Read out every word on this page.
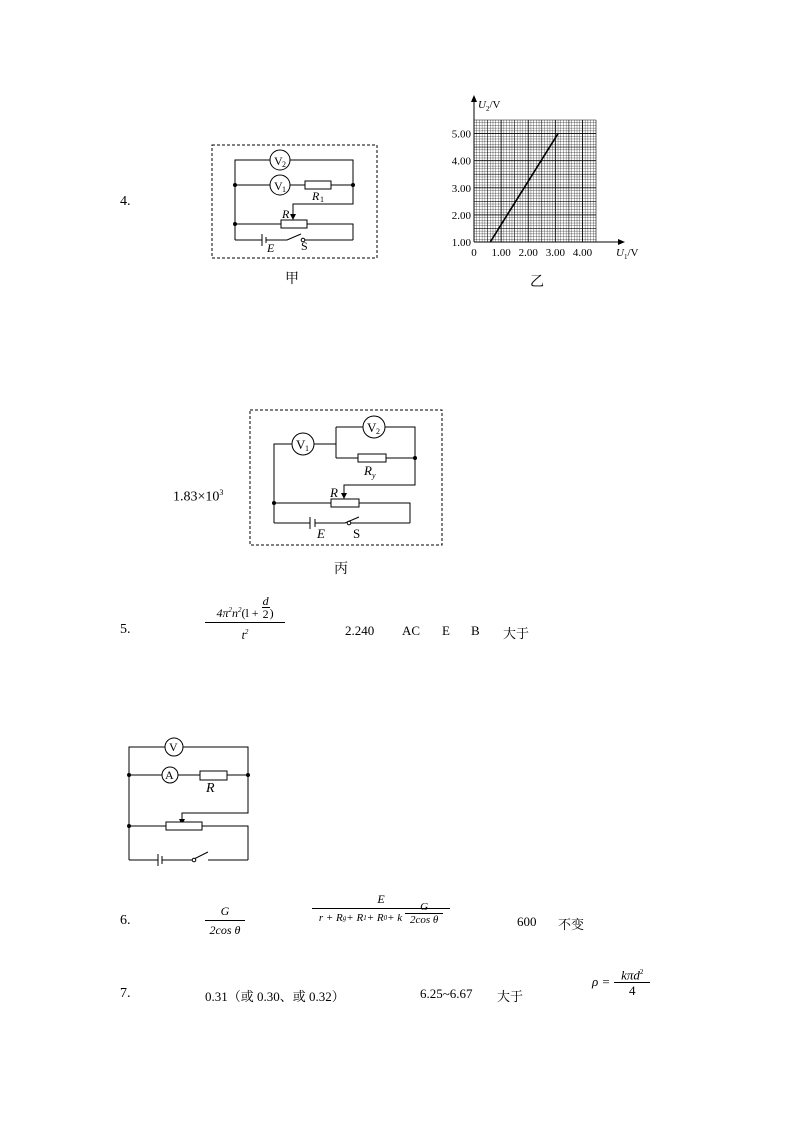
4.
V 2
V 1 R 1
R
E S
甲
1.00
2.00
3.00
4.00
5.00
1.00 2.00 3.00 4.00
0
$U_2/V$
$U_1/V$
乙
V 1
V 2
R y
R
E S
$1.83\times 10^3$
丙
5.
$4\pi^2n^2(l + \frac{d}{2}$ )
$t^2$	2.240 AC E B 大于
V
A
R
6.
G
2cos θ
E
r + R g + R 1 + R 0 + k
G
2cos θ	600 不变
7.	0.31（或 0.30、或 0.32）	6.25~6.67 大于
ρ = kπd$^2$
4
